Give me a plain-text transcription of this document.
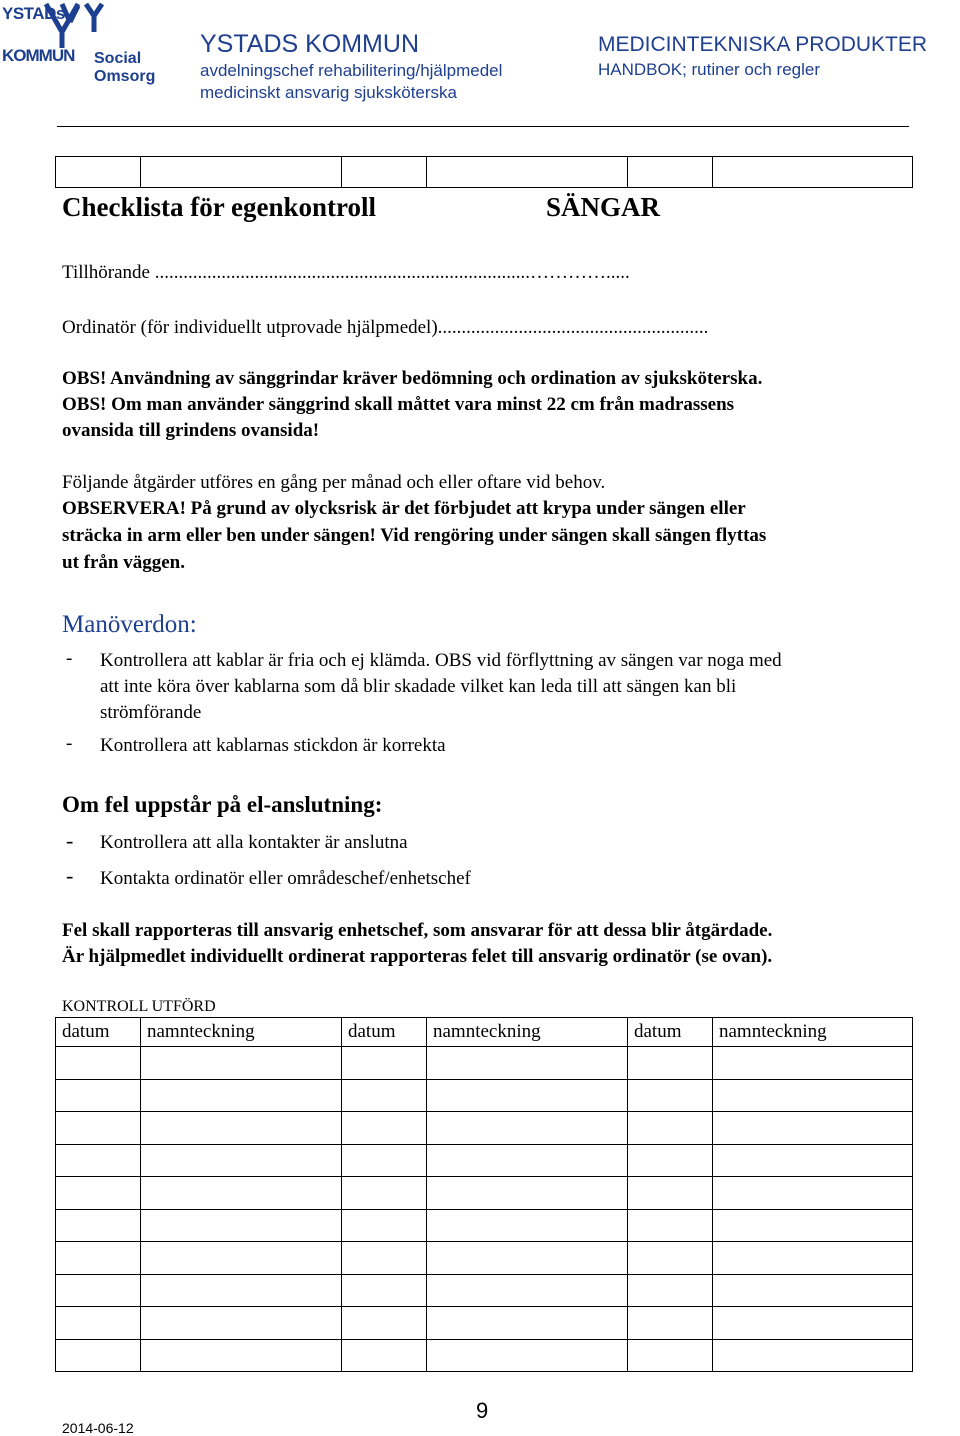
YSTADs
KOMMUN Social Omsorg
YSTADS KOMMUN
avdelningschef rehabilitering/hjälpmedel
medicinskt ansvarig sjuksköterska
MEDICINTEKNISKA PRODUKTER
HANDBOK; rutiner och regler

Checklista för egenkontroll	SÄNGAR
Tillhörande ...............................................................................………….....
Ordinatör (för individuellt utprovade hjälpmedel).........................................................
OBS! Användning av sänggrindar kräver bedömning och ordination av sjuksköterska.
OBS! Om man använder sänggrind skall måttet vara minst 22 cm från madrassens
ovansida till grindens ovansida!
Följande åtgärder utföres en gång per månad och eller oftare vid behov.
OBSERVERA! På grund av olycksrisk är det förbjudet att krypa under sängen eller
sträcka in arm eller ben under sängen! Vid rengöring under sängen skall sängen flyttas
ut från väggen.
Manöverdon:
- Kontrollera att kablar är fria och ej klämda. OBS vid förflyttning av sängen var noga med
att inte köra över kablarna som då blir skadade vilket kan leda till att sängen kan bli
strömförande
- Kontrollera att kablarnas stickdon är korrekta
Om fel uppstår på el-anslutning:
- Kontrollera att alla kontakter är anslutna
- Kontakta ordinatör eller områdeschef/enhetschef
Fel skall rapporteras till ansvarig enhetschef, som ansvarar för att dessa blir åtgärdade.
Är hjälpmedlet individuellt ordinerat rapporteras felet till ansvarig ordinatör (se ovan).
KONTROLL UTFÖRD
datum	namnteckning	datum	namnteckning	datum	namnteckning

9
2014-06-12
